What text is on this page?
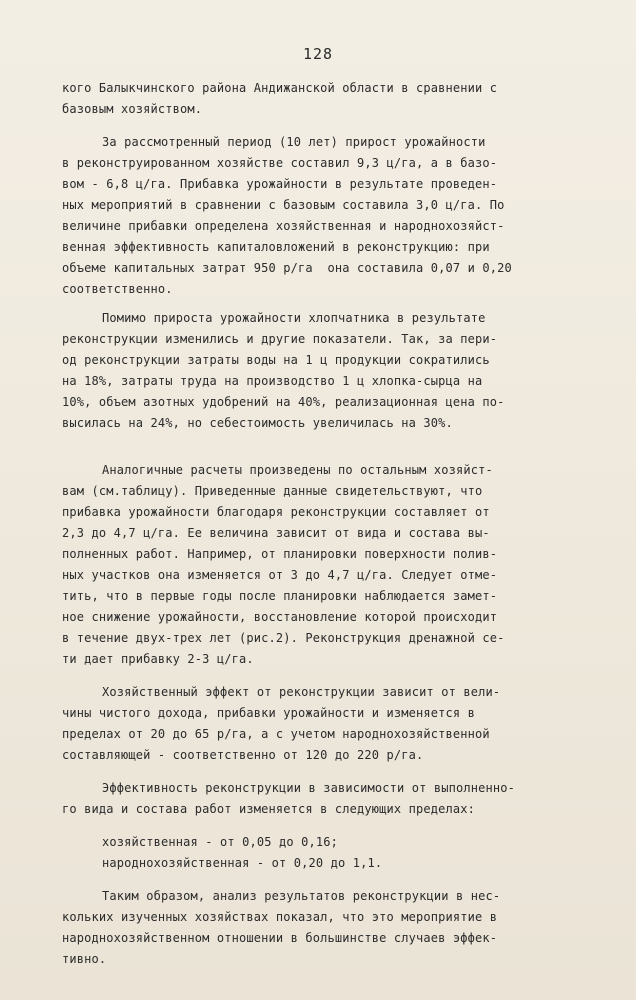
128
кого Балыкчинского района Андижанской области в сравнении с
базовым хозяйством.
За рассмотренный период (10 лет) прирост урожайности
в реконструированном хозяйстве составил 9,3 ц/га, а в базо-
вом - 6,8 ц/га. Прибавка урожайности в результате проведен-
ных мероприятий в сравнении с базовым составила 3,0 ц/га. По
величине прибавки определена хозяйственная и народнохозяйст-
венная эффективность капиталовложений в реконструкцию: при
объеме капитальных затрат 950 р/га  она составила 0,07 и 0,20
соответственно.
Помимо прироста урожайности хлопчатника в результате
реконструкции изменились и другие показатели. Так, за пери-
од реконструкции затраты воды на 1 ц продукции сократились
на 18%, затраты труда на производство 1 ц хлопка-сырца на
10%, объем азотных удобрений на 40%, реализационная цена по-
высилась на 24%, но себестоимость увеличилась на 30%.
Аналогичные расчеты произведены по остальным хозяйст-
вам (см.таблицу). Приведенные данные свидетельствуют, что
прибавка урожайности благодаря реконструкции составляет от
2,3 до 4,7 ц/га. Ее величина зависит от вида и состава вы-
полненных работ. Например, от планировки поверхности полив-
ных участков она изменяется от 3 до 4,7 ц/га. Следует отме-
тить, что в первые годы после планировки наблюдается замет-
ное снижение урожайности, восстановление которой происходит
в течение двух-трех лет (рис.2). Реконструкция дренажной се-
ти дает прибавку 2-3 ц/га.
Хозяйственный эффект от реконструкции зависит от вели-
чины чистого дохода, прибавки урожайности и изменяется в
пределах от 20 до 65 р/га, а с учетом народнохозяйственной
составляющей - соответственно от 120 до 220 р/га.
Эффективность реконструкции в зависимости от выполненно-
го вида и состава работ изменяется в следующих пределах:
хозяйственная - от 0,05 до 0,16;
народнохозяйственная - от 0,20 до 1,1.
Таким образом, анализ результатов реконструкции в нес-
кольких изученных хозяйствах показал, что это мероприятие в
народнохозяйственном отношении в большинстве случаев эффек-
тивно.
